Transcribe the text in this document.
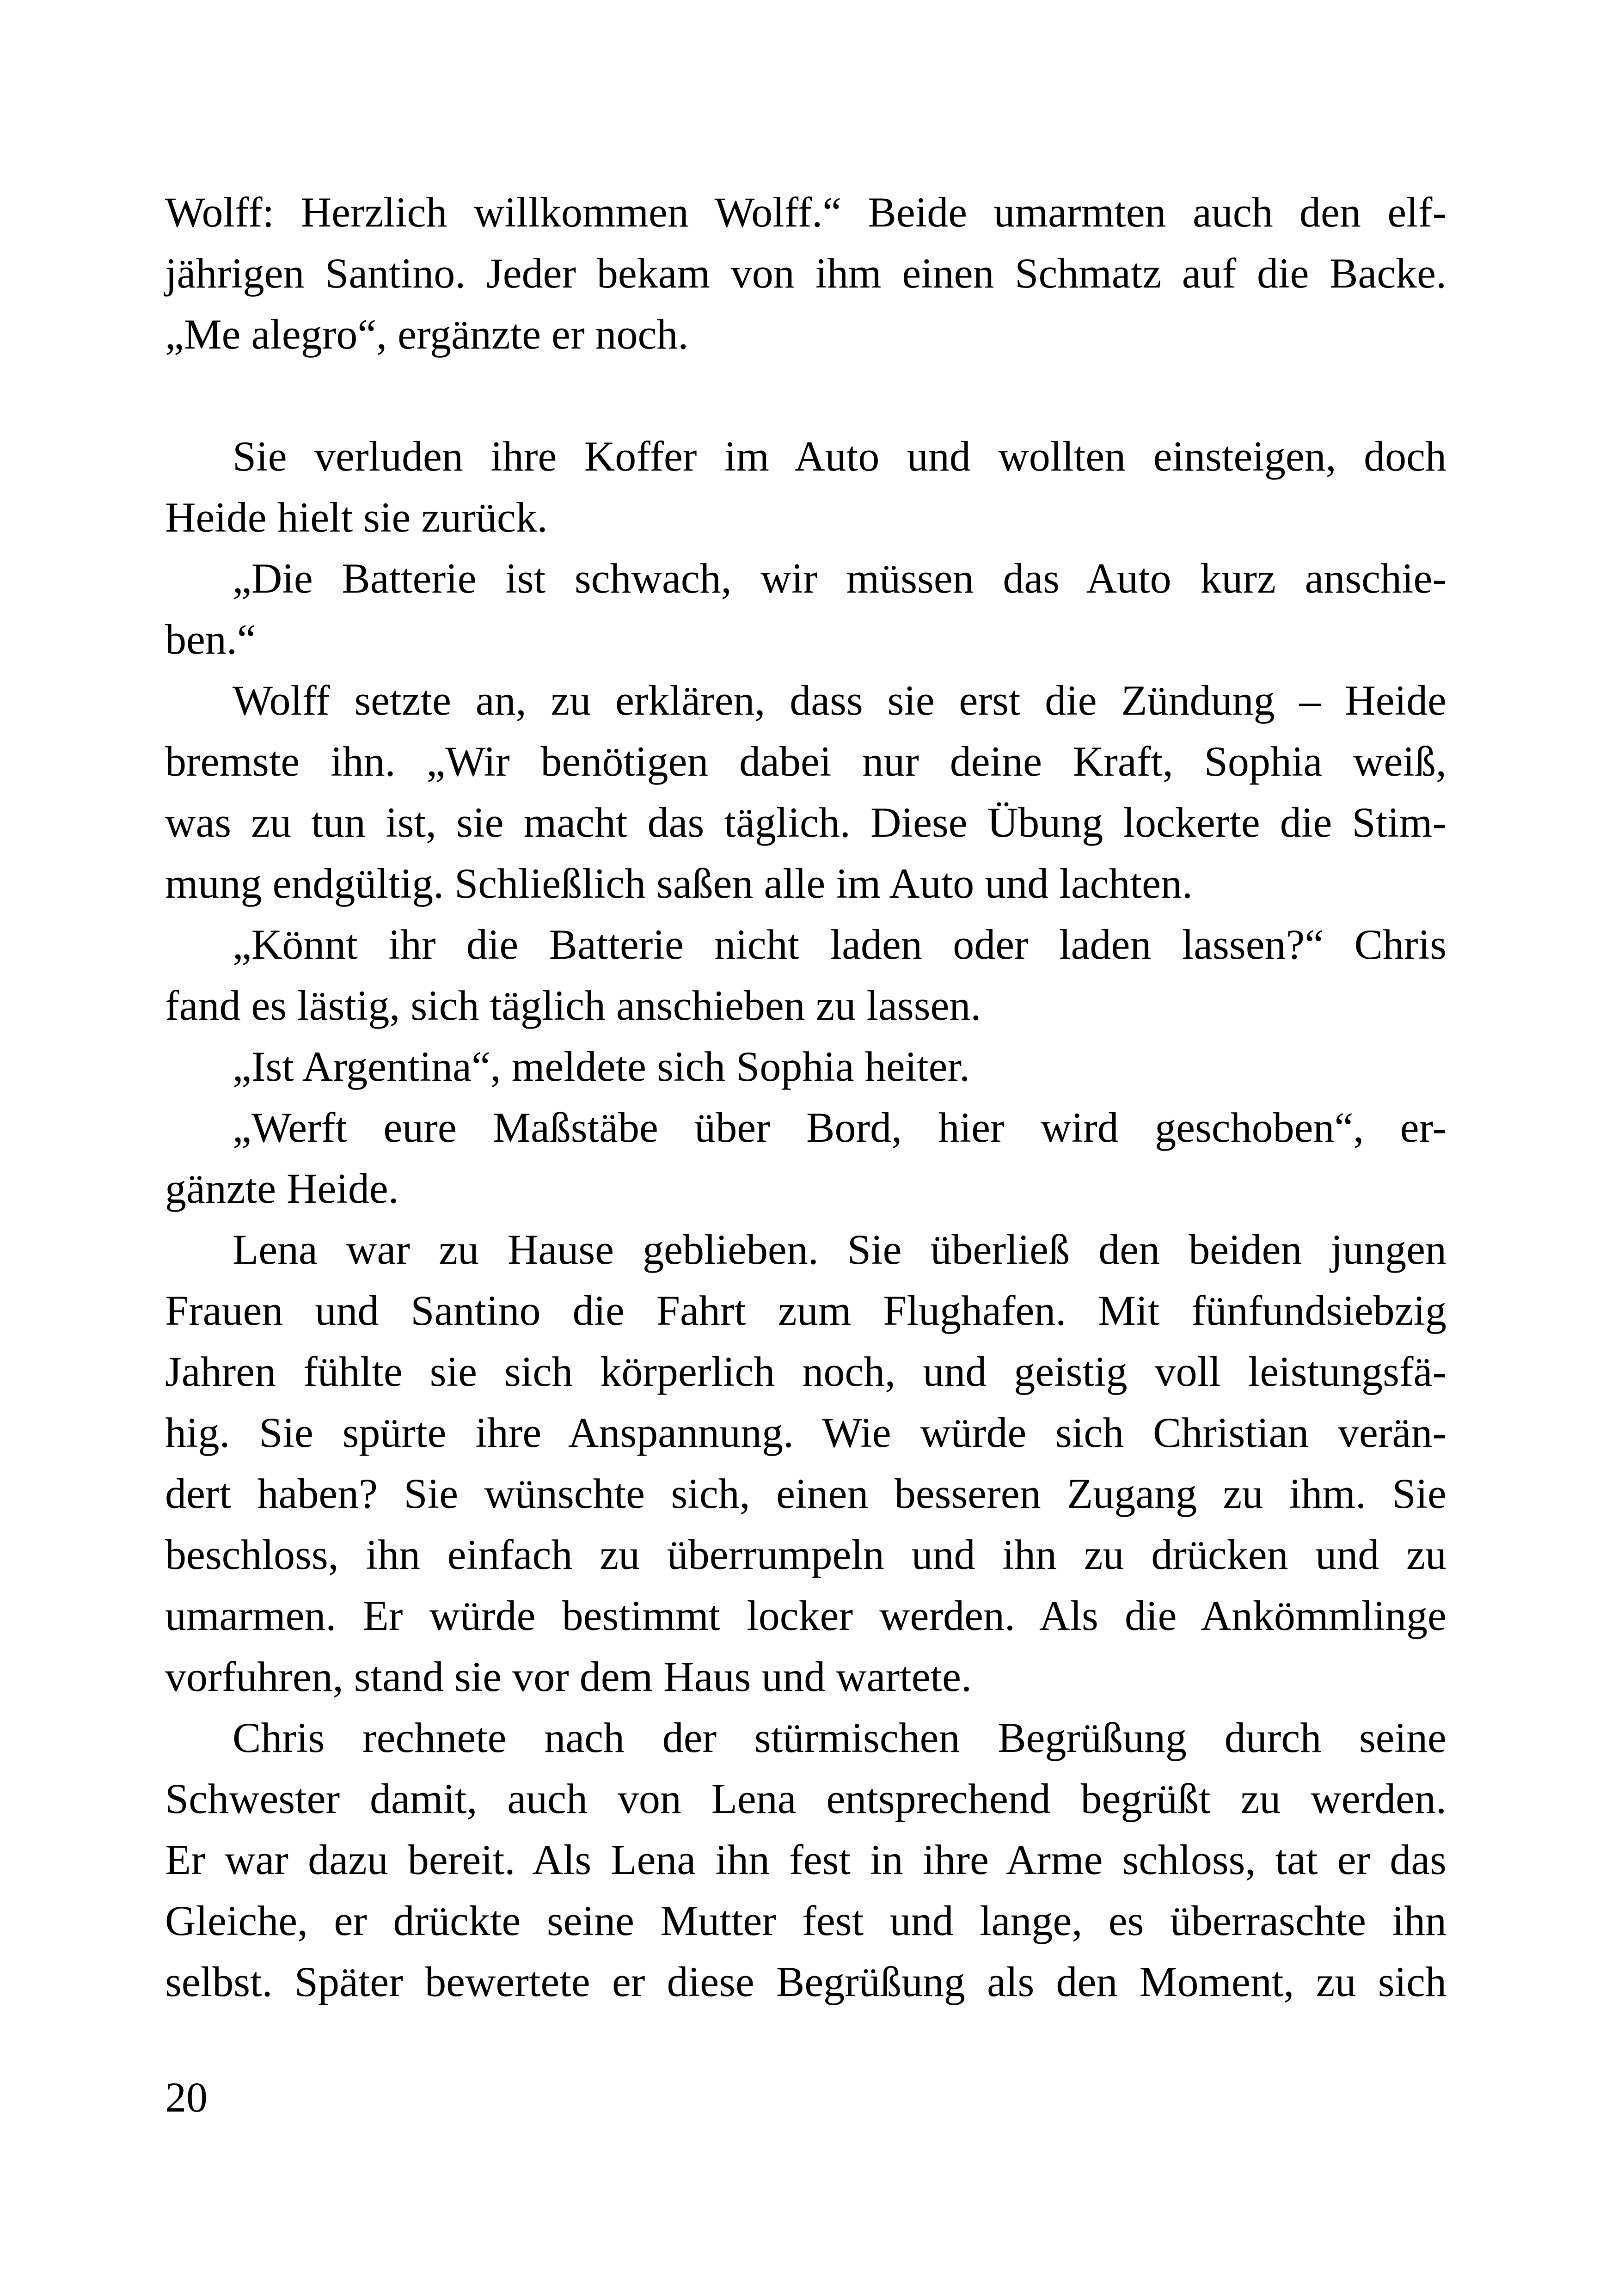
Wolff: Herzlich willkommen Wolff.“ Beide umarmten auch den elf-
jährigen Santino. Jeder bekam von ihm einen Schmatz auf die Backe.
„Me alegro“, ergänzte er noch.
Sie verluden ihre Koffer im Auto und wollten einsteigen, doch
Heide hielt sie zurück.
„Die Batterie ist schwach, wir müssen das Auto kurz anschie-
ben.“
Wolff setzte an, zu erklären, dass sie erst die Zündung – Heide
bremste ihn. „Wir benötigen dabei nur deine Kraft, Sophia weiß,
was zu tun ist, sie macht das täglich. Diese Übung lockerte die Stim-
mung endgültig. Schließlich saßen alle im Auto und lachten.
„Könnt ihr die Batterie nicht laden oder laden lassen?“ Chris
fand es lästig, sich täglich anschieben zu lassen.
„Ist Argentina“, meldete sich Sophia heiter.
„Werft eure Maßstäbe über Bord, hier wird geschoben“, er-
gänzte Heide.
Lena war zu Hause geblieben. Sie überließ den beiden jungen
Frauen und Santino die Fahrt zum Flughafen. Mit fünfundsiebzig
Jahren fühlte sie sich körperlich noch, und geistig voll leistungsfä-
hig. Sie spürte ihre Anspannung. Wie würde sich Christian verän-
dert haben? Sie wünschte sich, einen besseren Zugang zu ihm. Sie
beschloss, ihn einfach zu überrumpeln und ihn zu drücken und zu
umarmen. Er würde bestimmt locker werden. Als die Ankömmlinge
vorfuhren, stand sie vor dem Haus und wartete.
Chris rechnete nach der stürmischen Begrüßung durch seine
Schwester damit, auch von Lena entsprechend begrüßt zu werden.
Er war dazu bereit. Als Lena ihn fest in ihre Arme schloss, tat er das
Gleiche, er drückte seine Mutter fest und lange, es überraschte ihn
selbst. Später bewertete er diese Begrüßung als den Moment, zu sich
20
